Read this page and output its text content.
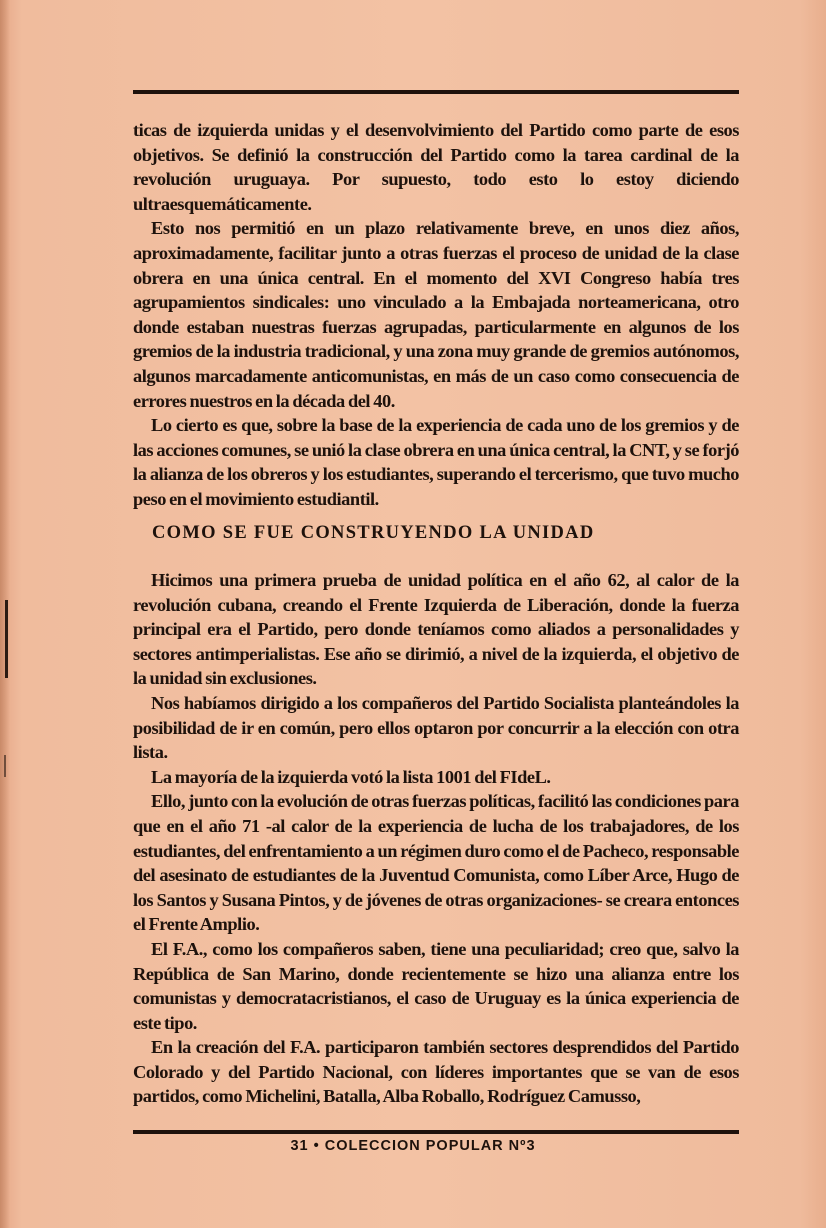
ticas de izquierda unidas y el desenvolvimiento del Partido como parte de esos objetivos. Se definió la construcción del Partido como la tarea cardinal de la revolución uruguaya. Por supuesto, todo esto lo estoy diciendo ultraesquemáticamente.

Esto nos permitió en un plazo relativamente breve, en unos diez años, aproximadamente, facilitar junto a otras fuerzas el proceso de unidad de la clase obrera en una única central. En el momento del XVI Congreso había tres agrupamientos sindicales: uno vinculado a la Embajada norteamericana, otro donde estaban nuestras fuerzas agrupadas, particularmente en algunos de los gremios de la industria tradicional, y una zona muy grande de gremios autónomos, algunos marcadamente anticomunistas, en más de un caso como consecuencia de errores nuestros en la década del 40.

Lo cierto es que, sobre la base de la experiencia de cada uno de los gremios y de las acciones comunes, se unió la clase obrera en una única central, la CNT, y se forjó la alianza de los obreros y los estudiantes, superando el tercerismo, que tuvo mucho peso en el movimiento estudiantil.

COMO SE FUE CONSTRUYENDO LA UNIDAD

Hicimos una primera prueba de unidad política en el año 62, al calor de la revolución cubana, creando el Frente Izquierda de Liberación, donde la fuerza principal era el Partido, pero donde teníamos como aliados a personalidades y sectores antimperialistas. Ese año se dirimió, a nivel de la izquierda, el objetivo de la unidad sin exclusiones.

Nos habíamos dirigido a los compañeros del Partido Socialista planteándoles la posibilidad de ir en común, pero ellos optaron por concurrir a la elección con otra lista.

La mayoría de la izquierda votó la lista 1001 del FIdeL.

Ello, junto con la evolución de otras fuerzas políticas, facilitó las condiciones para que en el año 71 -al calor de la experiencia de lucha de los trabajadores, de los estudiantes, del enfrentamiento a un régimen duro como el de Pacheco, responsable del asesinato de estudiantes de la Juventud Comunista, como Líber Arce, Hugo de los Santos y Susana Pintos, y de jóvenes de otras organizaciones- se creara entonces el Frente Amplio.

El F.A., como los compañeros saben, tiene una peculiaridad; creo que, salvo la República de San Marino, donde recientemente se hizo una alianza entre los comunistas y democratacristianos, el caso de Uruguay es la única experiencia de este tipo.

En la creación del F.A. participaron también sectores desprendidos del Partido Colorado y del Partido Nacional, con líderes importantes que se van de esos partidos, como Michelini, Batalla, Alba Roballo, Rodríguez Camusso,

31 • COLECCION POPULAR Nº3
